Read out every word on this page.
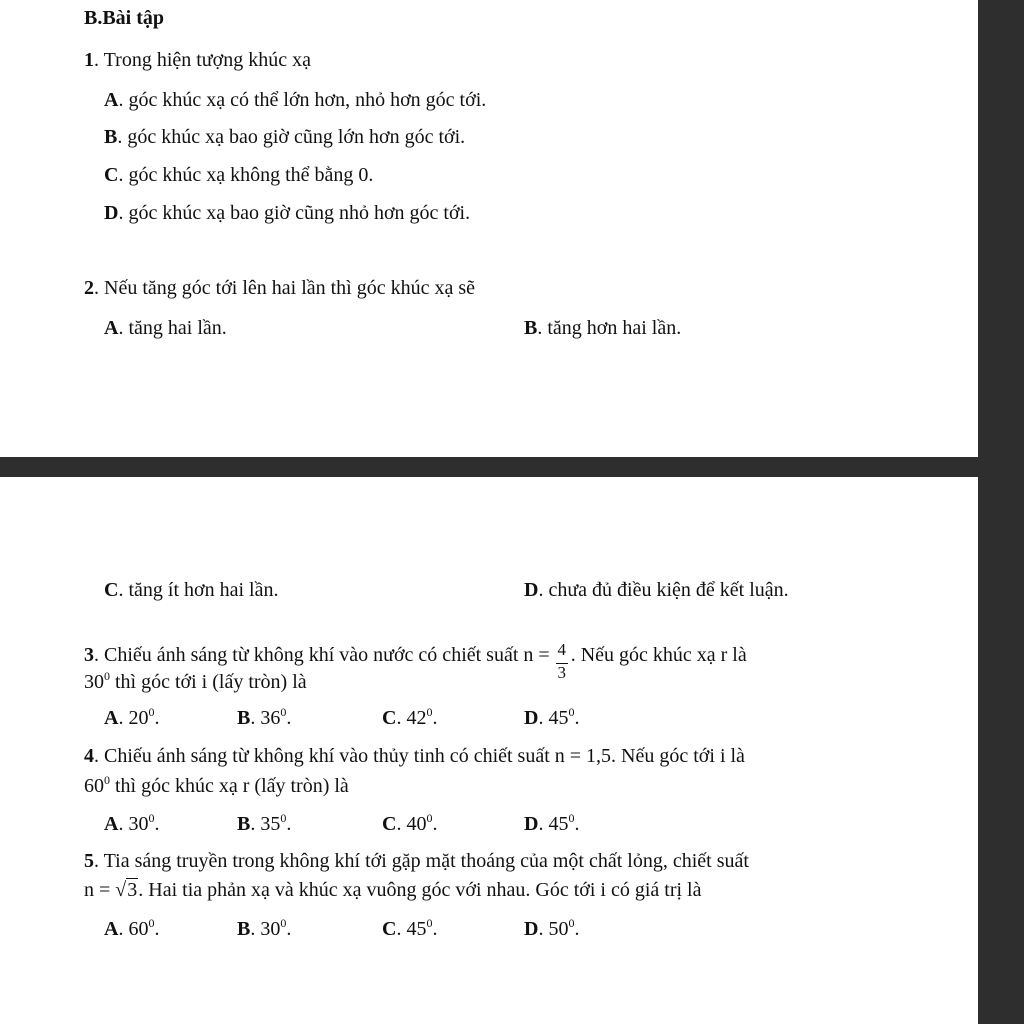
B.Bài tập
1. Trong hiện tượng khúc xạ
A. góc khúc xạ có thể lớn hơn, nhỏ hơn góc tới.
B. góc khúc xạ bao giờ cũng lớn hơn góc tới.
C. góc khúc xạ không thể bằng 0.
D. góc khúc xạ bao giờ cũng nhỏ hơn góc tới.
2. Nếu tăng góc tới lên hai lần thì góc khúc xạ sẽ
A. tăng hai lần.	B. tăng hơn hai lần.
C. tăng ít hơn hai lần.	D. chưa đủ điều kiện để kết luận.
3. Chiếu ánh sáng từ không khí vào nước có chiết suất n = 4
3
. Nếu góc khúc xạ r là
$30^0$ thì góc tới i (lấy tròn) là
A. $20^0$.	B. $36^0$.	C. $42^0$.	D. $45^0$.
4. Chiếu ánh sáng từ không khí vào thủy tinh có chiết suất n = 1,5. Nếu góc tới i là
$60^0$ thì góc khúc xạ r (lấy tròn) là
A. $30^0$.	B. $35^0$.	C. $40^0$.	D. $45^0$.
5. Tia sáng truyền trong không khí tới gặp mặt thoáng của một chất lỏng, chiết suất
n = √3. Hai tia phản xạ và khúc xạ vuông góc với nhau. Góc tới i có giá trị là
A. $60^0$.	B. $30^0$.	C. $45^0$.	D. $50^0$.
